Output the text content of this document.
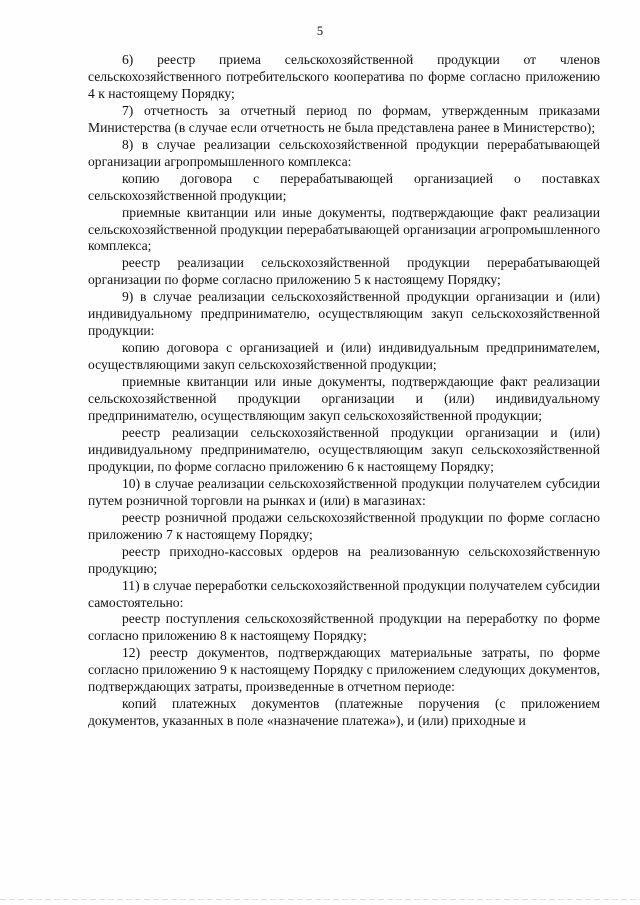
5

6) реестр приема сельскохозяйственной продукции от членов сельскохозяйственного потребительского кооператива по форме согласно приложению 4 к настоящему Порядку;

7) отчетность за отчетный период по формам, утвержденным приказами Министерства (в случае если отчетность не была представлена ранее в Министерство);

8) в случае реализации сельскохозяйственной продукции перерабатывающей организации агропромышленного комплекса:

копию договора с перерабатывающей организацией о поставках сельскохозяйственной продукции;

приемные квитанции или иные документы, подтверждающие факт реализации сельскохозяйственной продукции перерабатывающей организации агропромышленного комплекса;

реестр реализации сельскохозяйственной продукции перерабатывающей организации по форме согласно приложению 5 к настоящему Порядку;

9) в случае реализации сельскохозяйственной продукции организации и (или) индивидуальному предпринимателю, осуществляющим закуп сельскохозяйственной продукции:

копию договора с организацией и (или) индивидуальным предпринимателем, осуществляющими закуп сельскохозяйственной продукции;

приемные квитанции или иные документы, подтверждающие факт реализации сельскохозяйственной продукции организации и (или) индивидуальному предпринимателю, осуществляющим закуп сельскохозяйственной продукции;

реестр реализации сельскохозяйственной продукции организации и (или) индивидуальному предпринимателю, осуществляющим закуп сельскохозяйственной продукции, по форме согласно приложению 6 к настоящему Порядку;

10) в случае реализации сельскохозяйственной продукции получателем субсидии путем розничной торговли на рынках и (или) в магазинах:

реестр розничной продажи сельскохозяйственной продукции по форме согласно приложению 7 к настоящему Порядку;

реестр приходно-кассовых ордеров на реализованную сельскохозяйственную продукцию;

11) в случае переработки сельскохозяйственной продукции получателем субсидии самостоятельно:

реестр поступления сельскохозяйственной продукции на переработку по форме согласно приложению 8 к настоящему Порядку;

12) реестр документов, подтверждающих материальные затраты, по форме согласно приложению 9 к настоящему Порядку с приложением следующих документов, подтверждающих затраты, произведенные в отчетном периоде:

копий платежных документов (платежные поручения (с приложением документов, указанных в поле «назначение платежа»), и (или) приходные и
